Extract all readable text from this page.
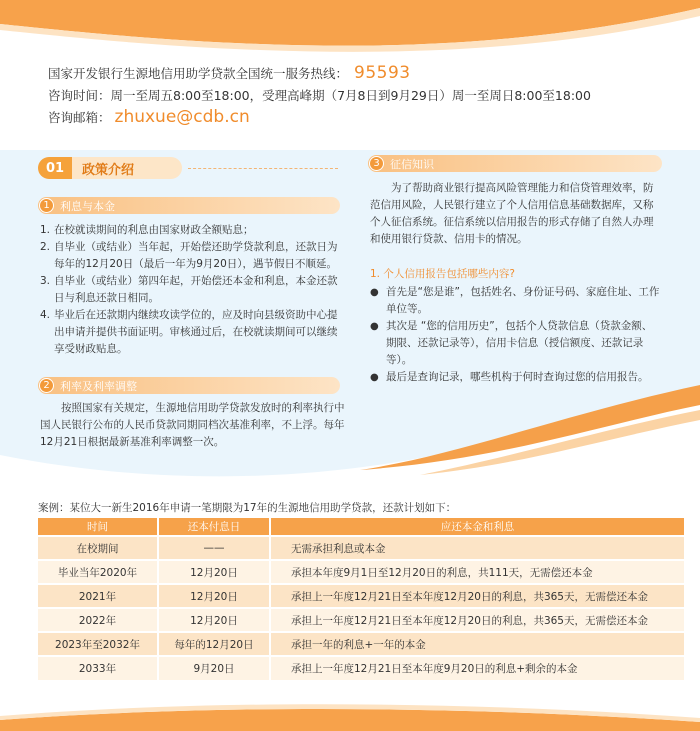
国家开发银行生源地信用助学贷款全国统一服务热线： 95593
咨询时间：周一至周五8:00至18:00，受理高峰期（7月8日到9月29日）周一至周日8:00至18:00
咨询邮箱： zhuxue@cdb.cn
01	政策介绍
1 利息与本金
1. 在校就读期间的利息由国家财政全额贴息；
2. 自毕业（或结业）当年起，开始偿还助学贷款利息，还款日为每年的12月20日（最后一年为9月20日），遇节假日不顺延。
3. 自毕业（或结业）第四年起，开始偿还本金和利息，本金还款日与利息还款日相同。
4. 毕业后在还款期内继续攻读学位的，应及时向县级资助中心提出申请并提供书面证明。审核通过后，在校就读期间可以继续享受财政贴息。
2 利率及利率调整
按照国家有关规定，生源地信用助学贷款发放时的利率执行中国人民银行公布的人民币贷款同期同档次基准利率，不上浮。每年12月21日根据最新基准利率调整一次。
3 征信知识
为了帮助商业银行提高风险管理能力和信贷管理效率，防范信用风险，人民银行建立了个人信用信息基础数据库，又称个人征信系统。征信系统以信用报告的形式存储了自然人办理和使用银行贷款、信用卡的情况。
1. 个人信用报告包括哪些内容?
● 首先是“您是谁”，包括姓名、身份证号码、家庭住址、工作单位等。
● 其次是 “您的信用历史”，包括个人贷款信息（贷款金额、期限、还款记录等），信用卡信息（授信额度、还款记录等）。
● 最后是查询记录，哪些机构于何时查询过您的信用报告。
案例：某位大一新生2016年申请一笔期限为17年的生源地信用助学贷款，还款计划如下：
时间	还本付息日	应还本金和利息
在校期间	——	无需承担利息或本金
毕业当年2020年	12月20日	承担本年度9月1日至12月20日的利息，共111天，无需偿还本金
2021年	12月20日	承担上一年度12月21日至本年度12月20日的利息，共365天，无需偿还本金
2022年	12月20日	承担上一年度12月21日至本年度12月20日的利息，共365天，无需偿还本金
2023年至2032年	每年的12月20日	承担一年的利息+一年的本金
2033年	9月20日	承担上一年度12月21日至本年度9月20日的利息+剩余的本金
